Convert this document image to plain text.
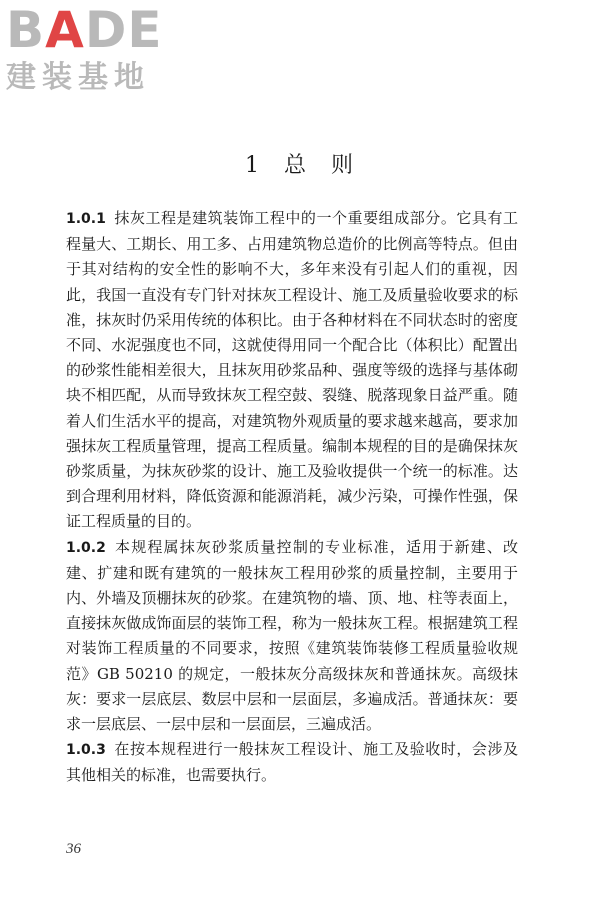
BADE
建装基地
1 总 则

1.0.1 抹灰工程是建筑装饰工程中的一个重要组成部分。它具有工程量大、工期长、用工多、占用建筑物总造价的比例高等特点。但由于其对结构的安全性的影响不大，多年来没有引起人们的重视，因此，我国一直没有专门针对抹灰工程设计、施工及质量验收要求的标准，抹灰时仍采用传统的体积比。由于各种材料在不同状态时的密度不同、水泥强度也不同，这就使得用同一个配合比（体积比）配置出的砂浆性能相差很大，且抹灰用砂浆品种、强度等级的选择与基体砌块不相匹配，从而导致抹灰工程空鼓、裂缝、脱落现象日益严重。随着人们生活水平的提高，对建筑物外观质量的要求越来越高，要求加强抹灰工程质量管理，提高工程质量。编制本规程的目的是确保抹灰砂浆质量，为抹灰砂浆的设计、施工及验收提供一个统一的标准。达到合理利用材料，降低资源和能源消耗，减少污染，可操作性强，保证工程质量的目的。

1.0.2 本规程属抹灰砂浆质量控制的专业标准，适用于新建、改建、扩建和既有建筑的一般抹灰工程用砂浆的质量控制，主要用于内、外墙及顶棚抹灰的砂浆。在建筑物的墙、顶、地、柱等表面上，直接抹灰做成饰面层的装饰工程，称为一般抹灰工程。根据建筑工程对装饰工程质量的不同要求，按照《建筑装饰装修工程质量验收规范》GB 50210 的规定，一般抹灰分高级抹灰和普通抹灰。高级抹灰：要求一层底层、数层中层和一层面层，多遍成活。普通抹灰：要求一层底层、一层中层和一层面层，三遍成活。

1.0.3 在按本规程进行一般抹灰工程设计、施工及验收时，会涉及其他相关的标准，也需要执行。

36
